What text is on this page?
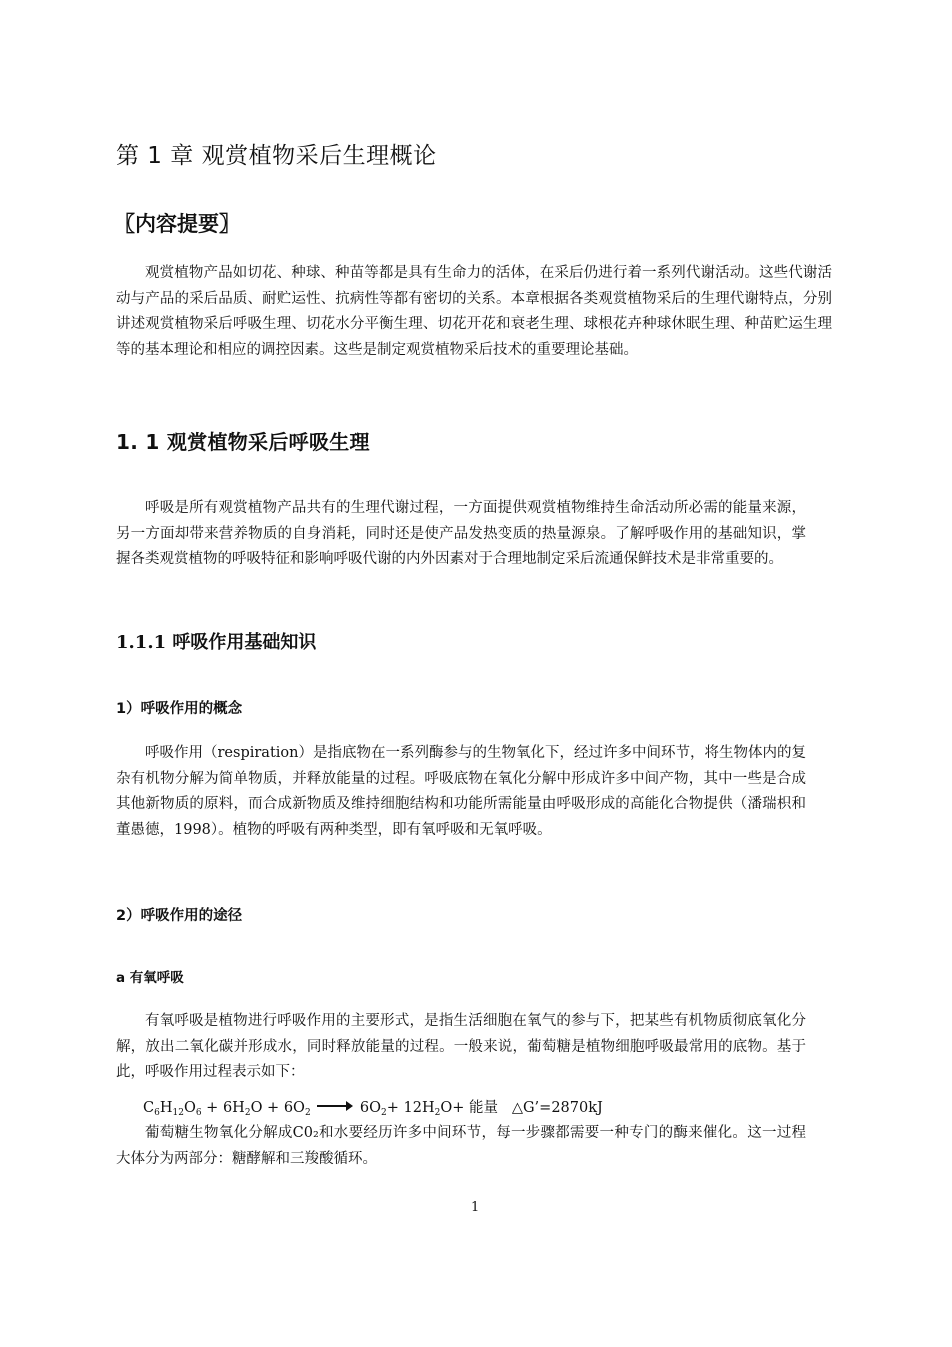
第 1 章 观赏植物采后生理概论
〖内容提要〗

观赏植物产品如切花、种球、种苗等都是具有生命力的活体，在采后仍进行着一系列代谢活动。这些代谢活动与产品的采后品质、耐贮运性、抗病性等都有密切的关系。本章根据各类观赏植物采后的生理代谢特点，分别讲述观赏植物采后呼吸生理、切花水分平衡生理、切花开花和衰老生理、球根花卉种球休眠生理、种苗贮运生理等的基本理论和相应的调控因素。这些是制定观赏植物采后技术的重要理论基础。

1. 1 观赏植物采后呼吸生理

呼吸是所有观赏植物产品共有的生理代谢过程，一方面提供观赏植物维持生命活动所必需的能量来源，另一方面却带来营养物质的自身消耗，同时还是使产品发热变质的热量源泉。了解呼吸作用的基础知识，掌握各类观赏植物的呼吸特征和影响呼吸代谢的内外因素对于合理地制定采后流通保鲜技术是非常重要的。

1.1.1 呼吸作用基础知识
1）呼吸作用的概念

呼吸作用（respiration）是指底物在一系列酶参与的生物氧化下，经过许多中间环节，将生物体内的复杂有机物分解为简单物质，并释放能量的过程。呼吸底物在氧化分解中形成许多中间产物，其中一些是合成其他新物质的原料，而合成新物质及维持细胞结构和功能所需能量由呼吸形成的高能化合物提供（潘瑞枳和董愚德，1998）。植物的呼吸有两种类型，即有氧呼吸和无氧呼吸。

2）呼吸作用的途径
a 有氧呼吸

有氧呼吸是植物进行呼吸作用的主要形式，是指生活细胞在氧气的参与下，把某些有机物质彻底氧化分解，放出二氧化碳并形成水，同时释放能量的过程。一般来说，葡萄糖是植物细胞呼吸最常用的底物。基于此，呼吸作用过程表示如下：

$C_6H_{12}O_6 + 6H_2O + 6O_2 \to 6O_2+ 12H_2O+$ 能量 △G’=2870kJ

葡萄糖生物氧化分解成C0₂和水要经历许多中间环节，每一步骤都需要一种专门的酶来催化。这一过程大体分为两部分：糖酵解和三羧酸循环。

1
